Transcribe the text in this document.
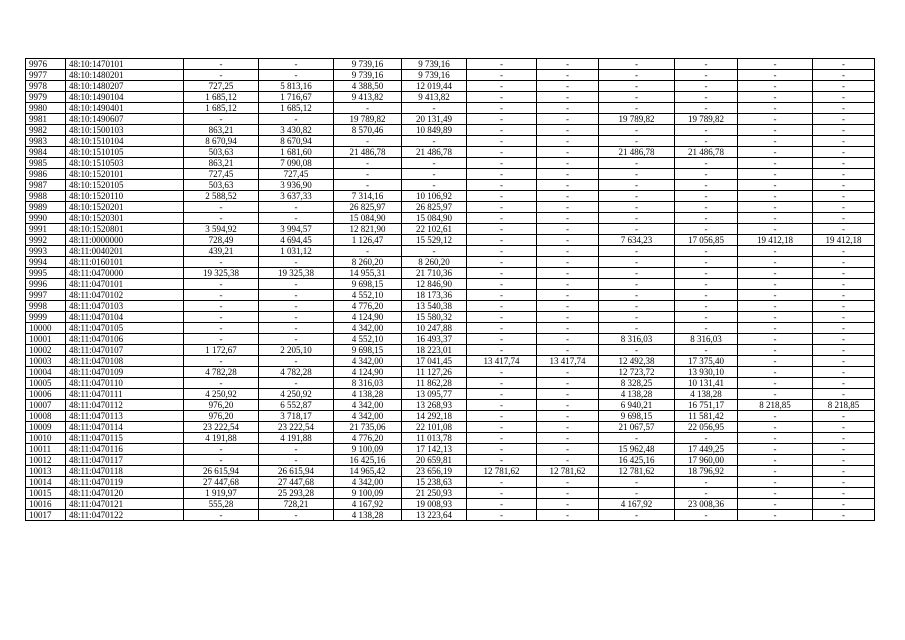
9976	48:10:1470101	-	-	9 739,16	9 739,16	-	-	-	-	-	-
9977	48:10:1480201	-	-	9 739,16	9 739,16	-	-	-	-	-	-
9978	48:10:1480207	727,25	5 813,16	4 388,50	12 019,44	-	-	-	-	-	-
9979	48:10:1490104	1 685,12	1 716,67	9 413,82	9 413,82	-	-	-	-	-	-
9980	48:10:1490401	1 685,12	1 685,12	-	-	-	-	-	-	-	-
9981	48:10:1490607	-	-	19 789,82	20 131,49	-	-	19 789,82	19 789,82	-	-
9982	48:10:1500103	863,21	3 430,82	8 570,46	10 849,89	-	-	-	-	-	-
9983	48:10:1510104	8 670,94	8 670,94	-	-	-	-	-	-	-	-
9984	48:10:1510105	503,63	1 681,60	21 486,78	21 486,78	-	-	21 486,78	21 486,78	-	-
9985	48:10:1510503	863,21	7 090,08	-	-	-	-	-	-	-	-
9986	48:10:1520101	727,45	727,45	-	-	-	-	-	-	-	-
9987	48:10:1520105	503,63	3 936,90	-	-	-	-	-	-	-	-
9988	48:10:1520110	2 588,52	3 637,33	7 314,16	10 106,92	-	-	-	-	-	-
9989	48:10:1520201	-	-	26 825,97	26 825,97	-	-	-	-	-	-
9990	48:10:1520301	-	-	15 084,90	15 084,90	-	-	-	-	-	-
9991	48:10:1520801	3 594,92	3 994,57	12 821,90	22 102,61	-	-	-	-	-	-
9992	48:11:0000000	728,49	4 694,45	1 126,47	15 529,12	-	-	7 634,23	17 056,85	19 412,18	19 412,18
9993	48:11:0040201	439,21	1 031,12	-	-	-	-	-	-	-	-
9994	48:11:0160101	-	-	8 260,20	8 260,20	-	-	-	-	-	-
9995	48:11:0470000	19 325,38	19 325,38	14 955,31	21 710,36	-	-	-	-	-	-
9996	48:11:0470101	-	-	9 698,15	12 846,90	-	-	-	-	-	-
9997	48:11:0470102	-	-	4 552,10	18 173,36	-	-	-	-	-	-
9998	48:11:0470103	-	-	4 776,20	13 540,38	-	-	-	-	-	-
9999	48:11:0470104	-	-	4 124,90	15 580,32	-	-	-	-	-	-
10000	48:11:0470105	-	-	4 342,00	10 247,88	-	-	-	-	-	-
10001	48:11:0470106	-	-	4 552,10	16 493,37	-	-	8 316,03	8 316,03	-	-
10002	48:11:0470107	1 172,67	2 205,10	9 698,15	18 223,01	-	-	-	-	-	-
10003	48:11:0470108	-	-	4 342,00	17 041,45	13 417,74	13 417,74	12 492,38	17 375,40	-	-
10004	48:11:0470109	4 782,28	4 782,28	4 124,90	11 127,26	-	-	12 723,72	13 930,10	-	-
10005	48:11:0470110	-	-	8 316,03	11 862,28	-	-	8 328,25	10 131,41	-	-
10006	48:11:0470111	4 250,92	4 250,92	4 138,28	13 095,77	-	-	4 138,28	4 138,28	-	-
10007	48:11:0470112	976,20	6 552,87	4 342,00	13 268,93	-	-	6 940,21	16 751,17	8 218,85	8 218,85
10008	48:11:0470113	976,20	3 718,17	4 342,00	14 292,18	-	-	9 698,15	11 581,42	-	-
10009	48:11:0470114	23 222,54	23 222,54	21 735,06	22 101,08	-	-	21 067,57	22 056,95	-	-
10010	48:11:0470115	4 191,88	4 191,88	4 776,20	11 013,78	-	-	-	-	-	-
10011	48:11:0470116	-	-	9 100,09	17 142,13	-	-	15 962,48	17 449,25	-	-
10012	48:11:0470117	-	-	16 425,16	20 659,81	-	-	16 425,16	17 960,00	-	-
10013	48:11:0470118	26 615,94	26 615,94	14 965,42	23 656,19	12 781,62	12 781,62	12 781,62	18 796,92	-	-
10014	48:11:0470119	27 447,68	27 447,68	4 342,00	15 238,63	-	-	-	-	-	-
10015	48:11:0470120	1 919,97	25 293,28	9 100,09	21 250,93	-	-	-	-	-	-
10016	48:11:0470121	555,28	728,21	4 167,92	19 008,93	-	-	4 167,92	23 008,36	-	-
10017	48:11:0470122	-	-	4 138,28	13 223,64	-	-	-	-	-	-
